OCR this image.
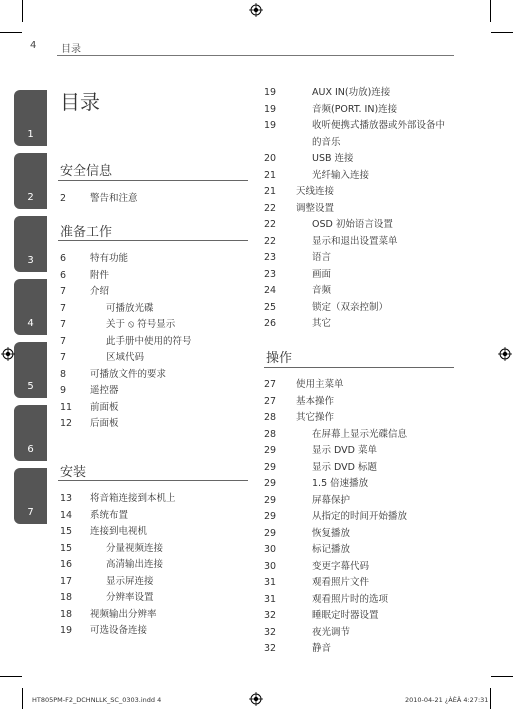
4 目录
1
2
3
4
5
6
7
目录
安全信息
2	警告和注意
准备工作
6	特有功能
6	附件
7	介绍
7	可播放光碟
7	关于 ⦸ 符号显示
7	此手册中使用的符号
7	区域代码
8	可播放文件的要求
9	遥控器
11	前面板
12	后面板
安装
13	将音箱连接到本机上
14	系统布置
15	连接到电视机
15	分量视频连接
16	高清输出连接
17	显示屏连接
18	分辨率设置
18	视频输出分辨率
19	可选设备连接
19	AUX IN(功放)连接
19	音频(PORT. IN)连接
19	收听便携式播放器或外部设备中
的音乐
20	USB 连接
21	光纤输入连接
21	天线连接
22	调整设置
22	OSD 初始语言设置
22	显示和退出设置菜单
23	语言
23	画面
24	音频
25	锁定（双亲控制）
26	其它
操作
27	使用主菜单
27	基本操作
28	其它操作
28	在屏幕上显示光碟信息
29	显示 DVD 菜单
29	显示 DVD 标题
29	1.5 倍速播放
29	屏幕保护
29	从指定的时间开始播放
29	恢复播放
30	标记播放
30	变更字幕代码
31	观看照片文件
31	观看照片时的选项
32	睡眠定时器设置
32	夜光调节
32	静音
HT805PM-F2_DCHNLLK_SC_0303.indd 4	2010-04-21 ¿ÀÈÄ 4:27:31
